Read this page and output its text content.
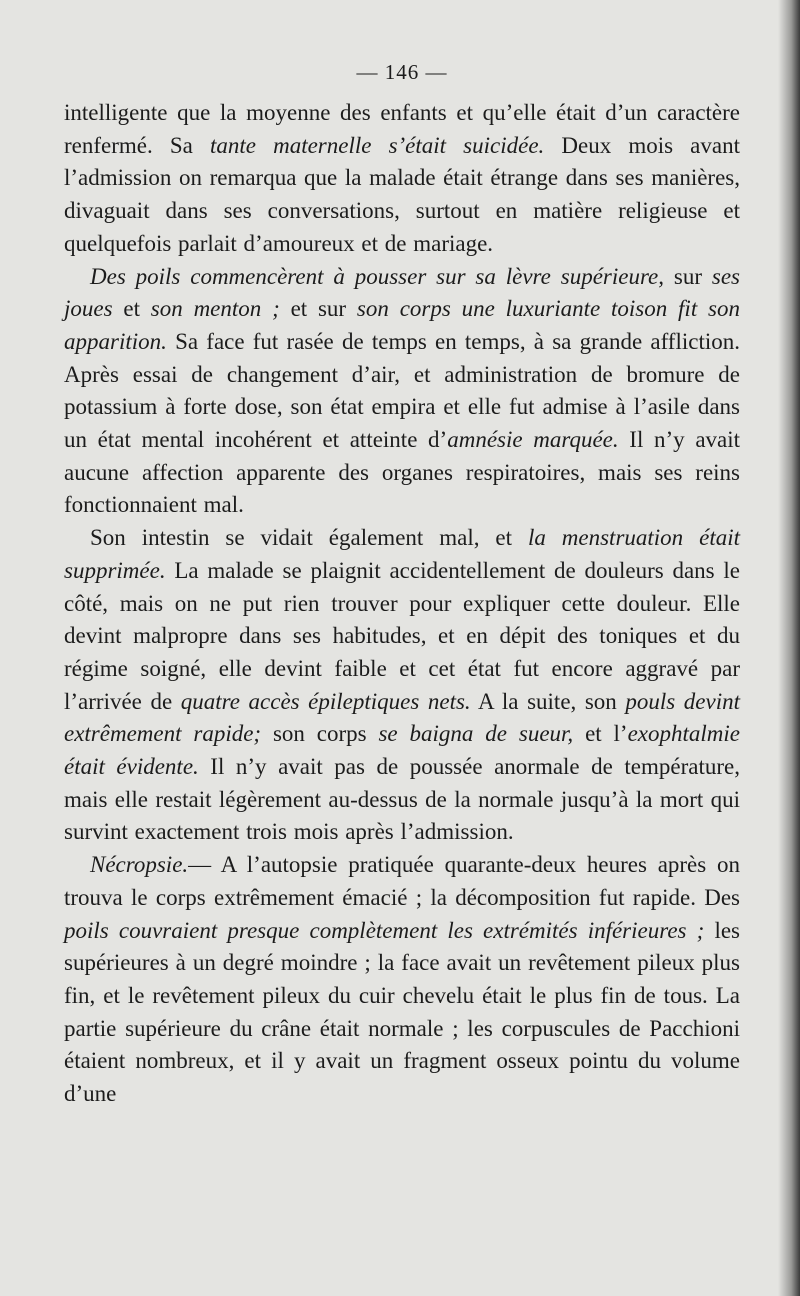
— 146 —

intelligente que la moyenne des enfants et qu’elle était d’un caractère renfermé. Sa tante maternelle s’était suicidée. Deux mois avant l’admission on remarqua que la malade était étrange dans ses manières, divaguait dans ses conversations, surtout en matière religieuse et quelquefois parlait d’amoureux et de mariage.

Des poils commencèrent à pousser sur sa lèvre supérieure, sur ses joues et son menton ; et sur son corps une luxuriante toison fit son apparition. Sa face fut rasée de temps en temps, à sa grande affliction. Après essai de changement d’air, et administration de bromure de potassium à forte dose, son état empira et elle fut admise à l’asile dans un état mental incohérent et atteinte d’amnésie marquée. Il n’y avait aucune affection apparente des organes respiratoires, mais ses reins fonctionnaient mal.

Son intestin se vidait également mal, et la menstruation était supprimée. La malade se plaignit accidentellement de douleurs dans le côté, mais on ne put rien trouver pour expliquer cette douleur. Elle devint malpropre dans ses habitudes, et en dépit des toniques et du régime soigné, elle devint faible et cet état fut encore aggravé par l’arrivée de quatre accès épileptiques nets. A la suite, son pouls devint extrêmement rapide; son corps se baigna de sueur, et l’exophtalmie était évidente. Il n’y avait pas de poussée anormale de température, mais elle restait légèrement au-dessus de la normale jusqu’à la mort qui survint exactement trois mois après l’admission.

Nécropsie.— A l’autopsie pratiquée quarante-deux heures après on trouva le corps extrêmement émacié ; la décomposition fut rapide. Des poils couvraient presque complètement les extrémités inférieures ; les supérieures à un degré moindre ; la face avait un revêtement pileux plus fin, et le revêtement pileux du cuir chevelu était le plus fin de tous. La partie supérieure du crâne était normale ; les corpuscules de Pacchioni étaient nombreux, et il y avait un fragment osseux pointu du volume d’une
